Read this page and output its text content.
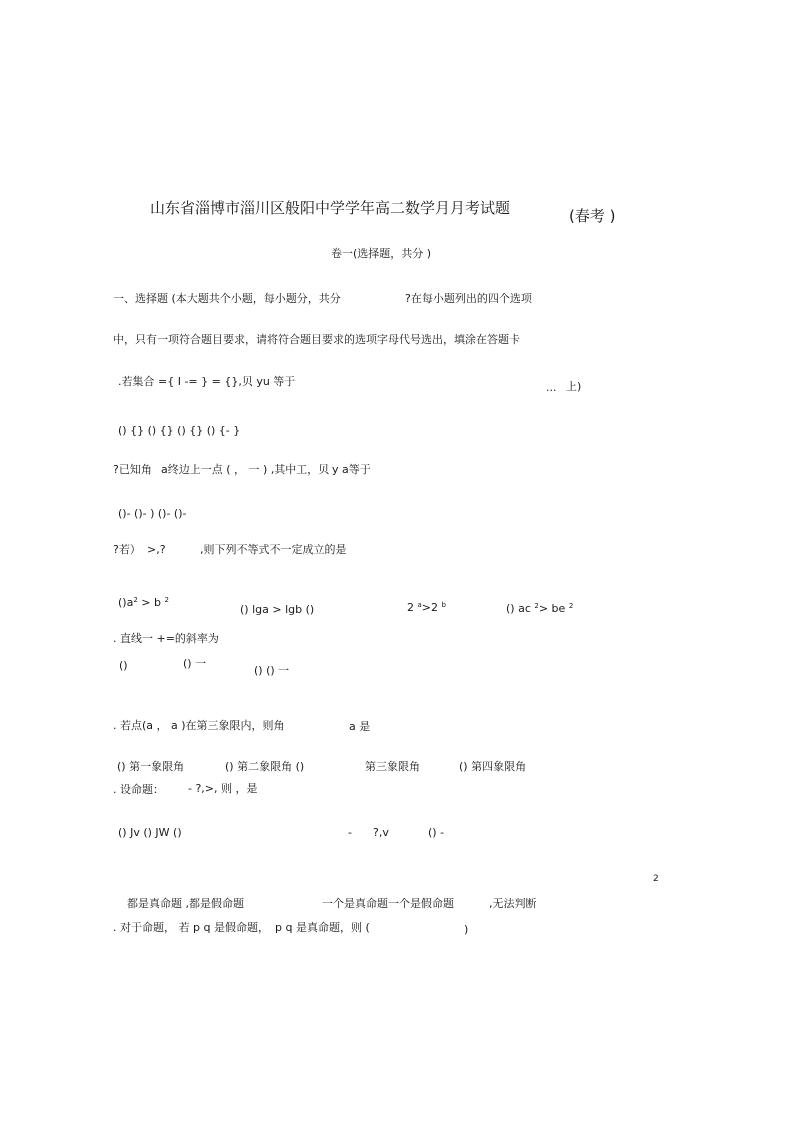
山东省淄博市淄川区般阳中学学年高二数学月月考试题	(春考 )
卷一(选择题，共分 )
一、选择题 (本大题共个小题，每小题分，共分	?在每小题列出的四个选项
中，只有一项符合题目要求，请将符合题目要求的选项字母代号选出，填涂在答题卡
.若集合 ={ I -= } = {},贝 yu 等于	... 上)
() {} () {} () {} () {- }
?已知角 a终边上一点 ( ， 一 ) ,其中工，贝 y a等于
()- ()- ) ()- ()-
?若） >,?	,则下列不等式不一定成立的是
$()a^2 > b$ $^2$
() lga > lgb ()	2 $^a$>2 $^b$	() ac $^2$> be $^2$
. 直线一 +=的斜率为
()	() 一
() () 一
. 若点(a ， a )在第三象限内，则角	a 是
() 第一象限角	() 第二象限角 ()	第三象限角	() 第四象限角
. 设命题： - ?,>, 则 ，是
() Jv () JW ()	- ?,v	() -
2
都是真命题 ,都是假命题	一个是真命题一个是假命题	,无法判断
. 对于命题， 若 p q 是假命题， p q 是真命题，则 (	)
